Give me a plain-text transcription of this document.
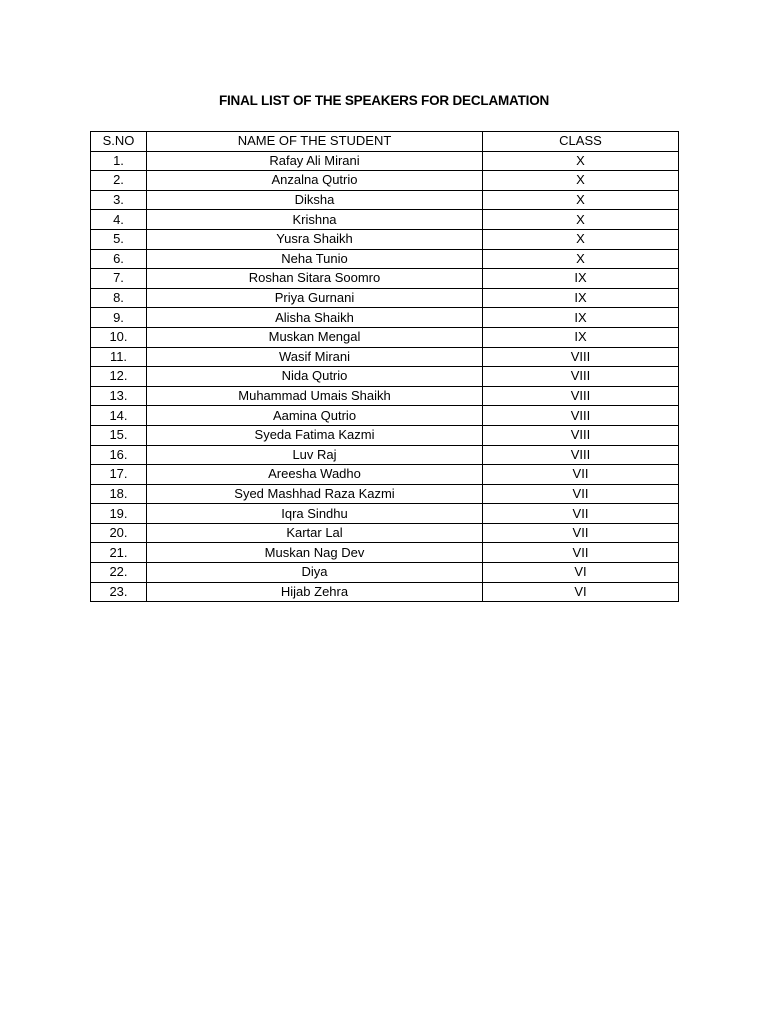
FINAL LIST OF THE SPEAKERS FOR DECLAMATION
S.NO	NAME OF THE STUDENT	CLASS
1.	Rafay Ali Mirani	X
2.	Anzalna Qutrio	X
3.	Diksha	X
4.	Krishna	X
5.	Yusra Shaikh	X
6.	Neha Tunio	X
7.	Roshan Sitara Soomro	IX
8.	Priya Gurnani	IX
9.	Alisha Shaikh	IX
10.	Muskan Mengal	IX
11.	Wasif Mirani	VIII
12.	Nida Qutrio	VIII
13.	Muhammad Umais Shaikh	VIII
14.	Aamina Qutrio	VIII
15.	Syeda Fatima Kazmi	VIII
16.	Luv Raj	VIII
17.	Areesha Wadho	VII
18.	Syed Mashhad Raza Kazmi	VII
19.	Iqra Sindhu	VII
20.	Kartar Lal	VII
21.	Muskan Nag Dev	VII
22.	Diya	VI
23.	Hijab Zehra	VI
